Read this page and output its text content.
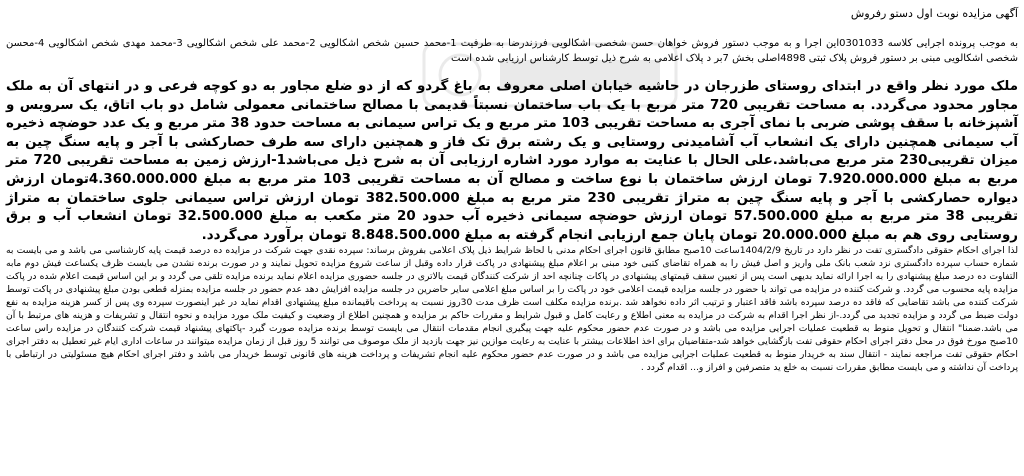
آگهی مزایده نوبت اول دستو رفروش
به موجب پرونده اجرایی کلاسه 0301033این اجرا و به موجب دستور فروش خواهان حسن شخصی اشکالویی فرزندرضا به طرفیت 1-محمد حسین شخص اشکالویی 2-محمد علی شخص اشکالویی 3-محمد مهدی شخص اشکالویی 4-محسن شخصی اشکالویی مبنی بر دستور فروش پلاک ثبتی 4898اصلی بخش 7بر د پلاک اعلامی به شرح ذیل توسط کارشناس ارزیابی شده است
ملک مورد نظر واقع در ابتدای روستای طزرجان در حاشیه خیابان اصلی معروف به باغ گردو که از دو ضلع مجاور به دو کوچه فرعی و در انتهای آن به ملک مجاور محدود می‌گردد. به مساحت تقریبی 720 متر مربع با یک باب ساختمان نسبتاً قدیمی با مصالح ساختمانی معمولی شامل دو باب اتاق، یک سرویس و آشپزخانه با سقف پوشی ضربی با نمای آجری به مساحت تقریبی 103 متر مربع و یک تراس سیمانی به مساحت حدود 38 متر مربع و یک عدد حوضچه ذخیره آب سیمانی همچنین دارای یک انشعاب آب آشامیدنی روستایی و یک رشته برق تک فاز و همچنین دارای سه طرف حصارکشی با آجر و پایه سنگ چین به میزان تقریبی230 متر مربع می‌باشد.علی الحال با عنایت به موارد مورد اشاره ارزیابی آن به شرح ذیل می‌باشد1-ارزش زمین به مساحت تقریبی 720 متر مربع به مبلغ 7.920.000.000 تومان ارزش ساختمان با نوع ساخت و مصالح آن به مساحت تقریبی 103 متر مربع به مبلغ 4.360.000.000تومان ارزش دیواره حصارکشی با آجر و پایه سنگ چین به متراژ تقریبی 230 متر مربع به مبلغ 382.500.000 تومان ارزش تراس سیمانی جلوی ساختمان به متراژ تقریبی 38 متر مربع به مبلغ 57.500.000 تومان ارزش حوضچه سیمانی ذخیره آب حدود 20 متر مکعب به مبلغ 32.500.000 تومان انشعاب آب و برق روستایی روی هم به مبلغ 20.000.000 تومان پایان جمع ارزیابی انجام گرفته به مبلغ 8.848.500.000 تومان برآورد می‌گردد.
لذا اجرای احکام حقوقی دادگستری تفت در نظر دارد در تاریخ 1404/2/9ساعت 10صبح مطابق قانون اجرای احکام مدنی با لحاظ شرایط ذیل پلاک اعلامی بفروش برساند: سپرده نقدی جهت شرکت در مزایده ده درصد قیمت پایه کارشناسی می باشد و می بایست به شماره حساب سپرده دادگستری نزد شعب بانک ملی واریز و اصل فیش را به همراه تقاضای کتبی خود مبنی بر اعلام مبلغ پیشنهادی در پاکت قرار داده وقبل از ساعت شروع مزایده تحویل نمایند و در صورت برنده نشدن می بایست ظرف یکساعت فیش دوم مابه التفاوت ده درصد مبلغ پیشنهادی را به اجرا ارائه نماید بدیهی است پس از تعیین سقف قیمتهای پیشنهادی در پاکات چنانچه احد از شرکت کنندگان قیمت بالاتری در جلسه حضوری مزایده اعلام نماید برنده مزایده تلقی می گردد و بر این اساس قیمت اعلام شده در پاکت مزایده پایه محسوب می گردد. و شرکت کننده در مزایده می تواند با حضور در جلسه مزایده قیمت اعلامی خود در پاکت را بر اساس مبلغ اعلامی سایر حاضرین در جلسه مزایده افزایش دهد عدم حضور در جلسه مزایده بمنزله قطعی بودن مبلغ پیشنهادی در پاکت توسط شرکت کننده می باشد تقاضایی که فاقد ده درصد سپرده باشد فاقد اعتبار و ترتیب اثر داده نخواهد شد .برنده مزایده مکلف است ظرف مدت 30روز نسبت به پرداخت باقیمانده مبلغ پیشنهادی اقدام نماید در غیر اینصورت سپرده وی پس از کسر هزینه مزایده به نفع دولت ضبط می گردد و مزایده تجدید می گردد.-از نظر اجرا اقدام به شرکت در مزایده به معنی اطلاع و رعایت کامل و قبول شرایط و مقررات حاکم بر مزایده و همچنین اطلاع از وضعیت و کیفیت ملک مورد مزایده و نحوه انتقال و تشریفات و هزینه های مرتبط با آن می باشد.ضمنا" انتقال و تحویل منوط به قطعیت عملیات اجرایی مزایده می باشد و در صورت عدم حضور محکوم علیه جهت پیگیری انجام مقدمات انتقال می بایست توسط برنده مزایده صورت گیرد -پاکتهای پیشنهاد قیمت شرکت کنندگان در مزایده راس ساعت 10صبح مورخ فوق در محل دفتر اجرای احکام حقوقی تفت بازگشایی خواهد شد-متقاضیان برای اخذ اطلاعات بیشتر با عنایت به رعایت موازین نیز جهت بازدید از ملک موصوف می توانند 5 روز قبل از زمان مزایده میتوانند در ساعات اداری ایام غیر تعطیل به دفتر اجرای احکام حقوقی تفت مراجعه نمایند - انتقال سند به خریدار منوط به قطعیت عملیات اجرایی مزایده می باشد و در صورت عدم حضور محکوم علیه انجام تشریفات و پرداخت هزینه های قانونی توسط خریدار می باشد و دفتر اجرای احکام هیچ مسئولیتی در ارتباطی با پرداخت آن نداشته و می بایست مطابق مقررات نسبت به خلع ید متصرفین و افراز و... اقدام گردد .
